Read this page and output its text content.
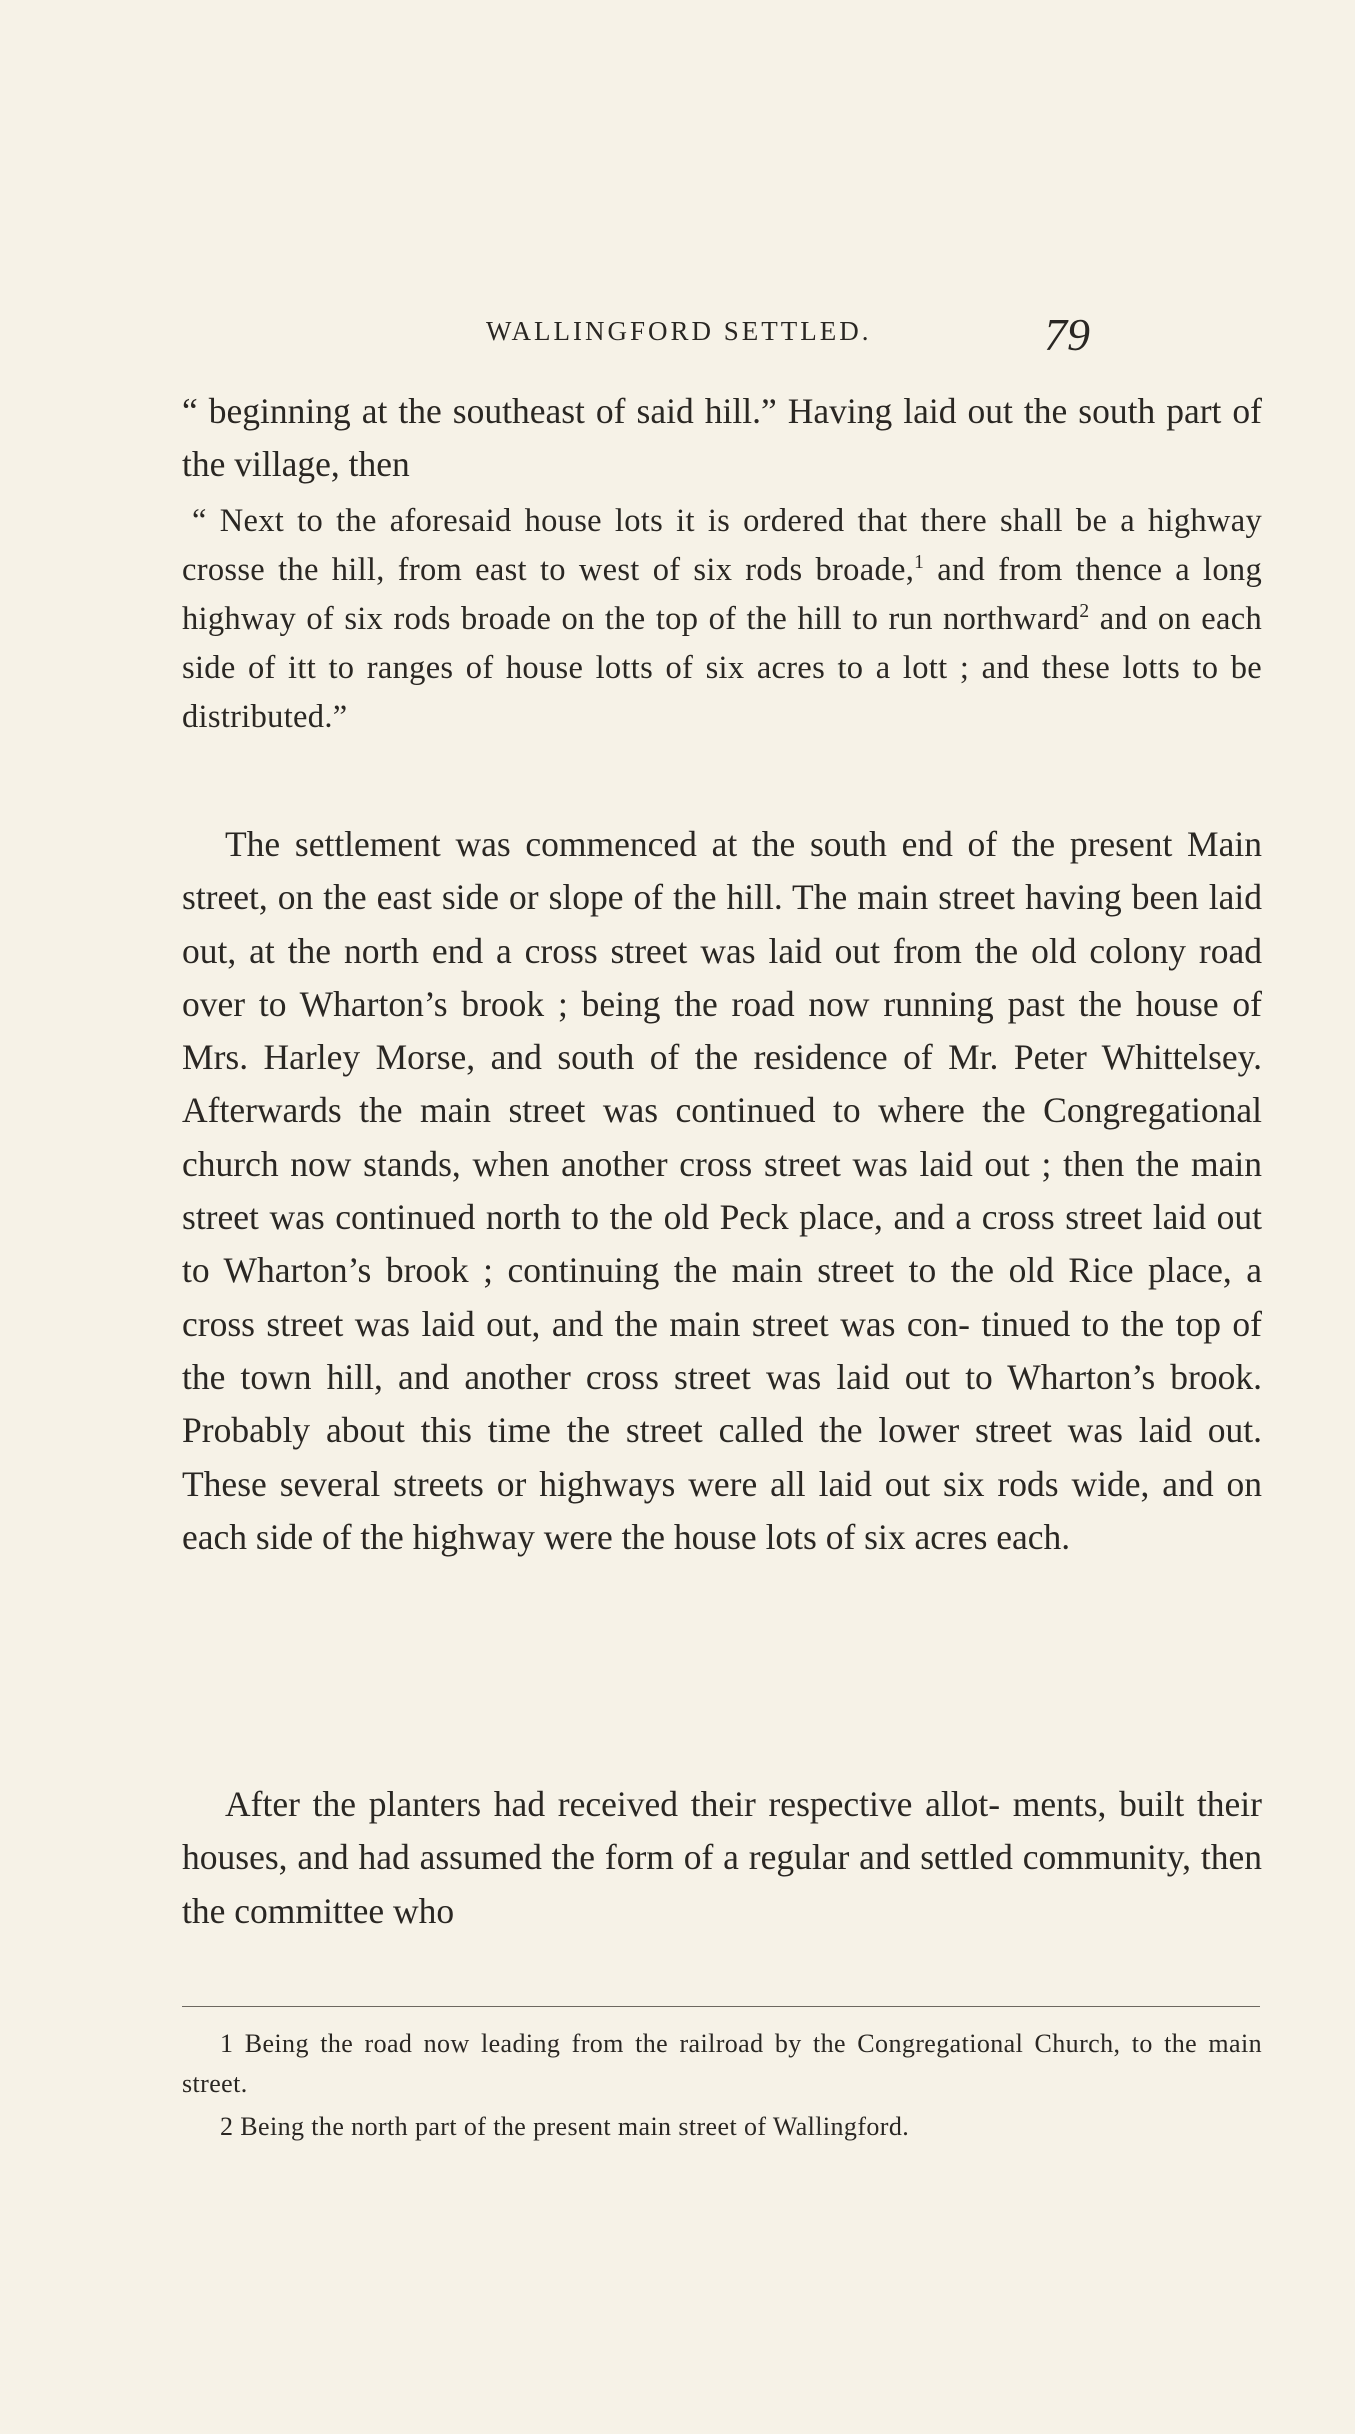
WALLINGFORD SETTLED.	79

“ beginning at the southeast of said hill.” Having laid out the south part of the village, then

“ Next to the aforesaid house lots it is ordered that there shall be a highway crosse the hill, from east to west of six rods broade,$^1$ and from thence a long highway of six rods broade on the top of the hill to run northward$^2$ and on each side of itt to ranges of house lotts of six acres to a lott ; and these lotts to be distributed.”

The settlement was commenced at the south end of the present Main street, on the east side or slope of the hill. The main street having been laid out, at the north end a cross street was laid out from the old colony road over to Wharton’s brook ; being the road now running past the house of Mrs. Harley Morse, and south of the residence of Mr. Peter Whittelsey. Afterwards the main street was continued to where the Congregational church now stands, when another cross street was laid out ; then the main street was continued north to the old Peck place, and a cross street laid out to Wharton’s brook ; continuing the main street to the old Rice place, a cross street was laid out, and the main street was con- tinued to the top of the town hill, and another cross street was laid out to Wharton’s brook. Probably about this time the street called the lower street was laid out. These several streets or highways were all laid out six rods wide, and on each side of the highway were the house lots of six acres each.

After the planters had received their respective allot- ments, built their houses, and had assumed the form of a regular and settled community, then the committee who

1 Being the road now leading from the railroad by the Congregational Church, to the main street.

2 Being the north part of the present main street of Wallingford.
